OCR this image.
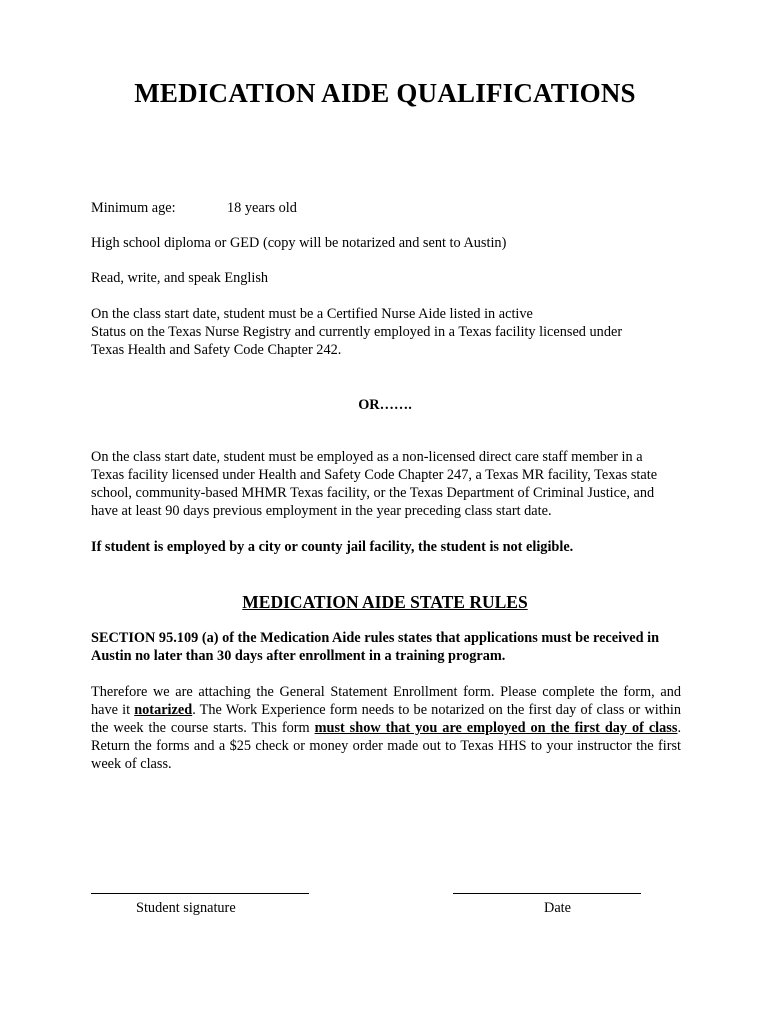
MEDICATION AIDE QUALIFICATIONS

Minimum age:	18 years old

High school diploma or GED (copy will be notarized and sent to Austin)

Read, write, and speak English

On the class start date, student must be a Certified Nurse Aide listed in active

Status on the Texas Nurse Registry and currently employed in a Texas facility licensed under

Texas Health and Safety Code Chapter 242.

OR…….

On the class start date, student must be employed as a non-licensed direct care staff member in a Texas facility licensed under Health and Safety Code Chapter 247, a Texas MR facility, Texas state school, community-based MHMR Texas facility, or the Texas Department of Criminal Justice, and have at least 90 days previous employment in the year preceding class start date.

If student is employed by a city or county jail facility, the student is not eligible.

MEDICATION AIDE STATE RULES

SECTION 95.109 (a) of the Medication Aide rules states that applications must be received in Austin no later than 30 days after enrollment in a training program.

Therefore we are attaching the General Statement Enrollment form. Please complete the form, and have it notarized. The Work Experience form needs to be notarized on the first day of class or within the week the course starts. This form must show that you are employed on the first day of class. Return the forms and a $25 check or money order made out to Texas HHS to your instructor the first week of class.

Student signature	Date
